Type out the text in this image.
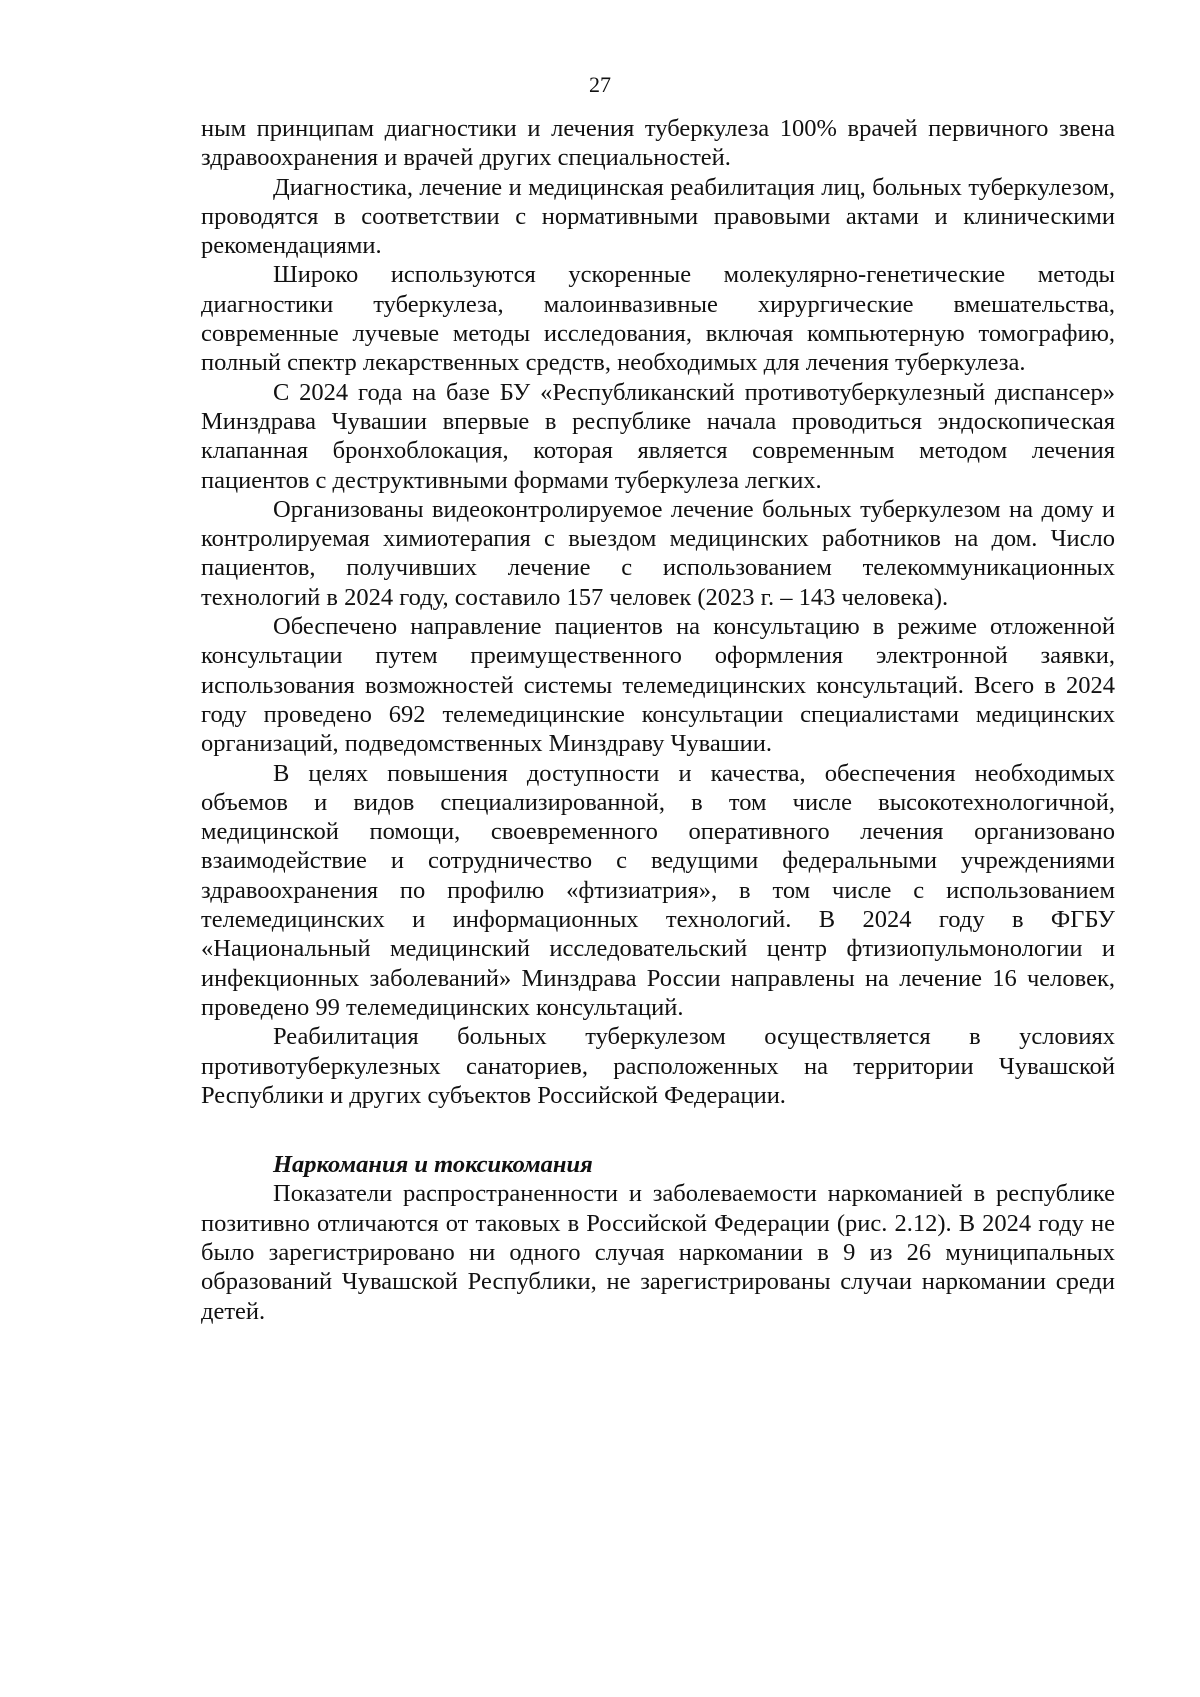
27

ным принципам диагностики и лечения туберкулеза 100% врачей первичного звена здравоохранения и врачей других специальностей.

Диагностика, лечение и медицинская реабилитация лиц, больных туберкулезом, проводятся в соответствии с нормативными правовыми актами и клиническими рекомендациями.

Широко используются ускоренные молекулярно-генетические методы диагностики туберкулеза, малоинвазивные хирургические вмешательства, современные лучевые методы исследования, включая компьютерную томографию, полный спектр лекарственных средств, необходимых для лечения туберкулеза.

С 2024 года на базе БУ «Республиканский противотуберкулезный диспансер» Минздрава Чувашии впервые в республике начала проводиться эндоскопическая клапанная бронхоблокация, которая является современным методом лечения пациентов с деструктивными формами туберкулеза легких.

Организованы видеоконтролируемое лечение больных туберкулезом на дому и контролируемая химиотерапия с выездом медицинских работников на дом. Число пациентов, получивших лечение с использованием телекоммуникационных технологий в 2024 году, составило 157 человек (2023 г. – 143 человека).

Обеспечено направление пациентов на консультацию в режиме отложенной консультации путем преимущественного оформления электронной заявки, использования возможностей системы телемедицинских консультаций. Всего в 2024 году проведено 692 телемедицинские консультации специалистами медицинских организаций, подведомственных Минздраву Чувашии.

В целях повышения доступности и качества, обеспечения необходимых объемов и видов специализированной, в том числе высокотехнологичной, медицинской помощи, своевременного оперативного лечения организовано взаимодействие и сотрудничество с ведущими федеральными учреждениями здравоохранения по профилю «фтизиатрия», в том числе с использованием телемедицинских и информационных технологий. В 2024 году в ФГБУ «Национальный медицинский исследовательский центр фтизиопульмонологии и инфекционных заболеваний» Минздрава России направлены на лечение 16 человек, проведено 99 телемедицинских консультаций.

Реабилитация больных туберкулезом осуществляется в условиях противотуберкулезных санаториев, расположенных на территории Чувашской Республики и других субъектов Российской Федерации.

Наркомания и токсикомания

Показатели распространенности и заболеваемости наркоманией в республике позитивно отличаются от таковых в Российской Федерации (рис. 2.12). В 2024 году не было зарегистрировано ни одного случая наркомании в 9 из 26 муниципальных образований Чувашской Республики, не зарегистрированы случаи наркомании среди детей.
